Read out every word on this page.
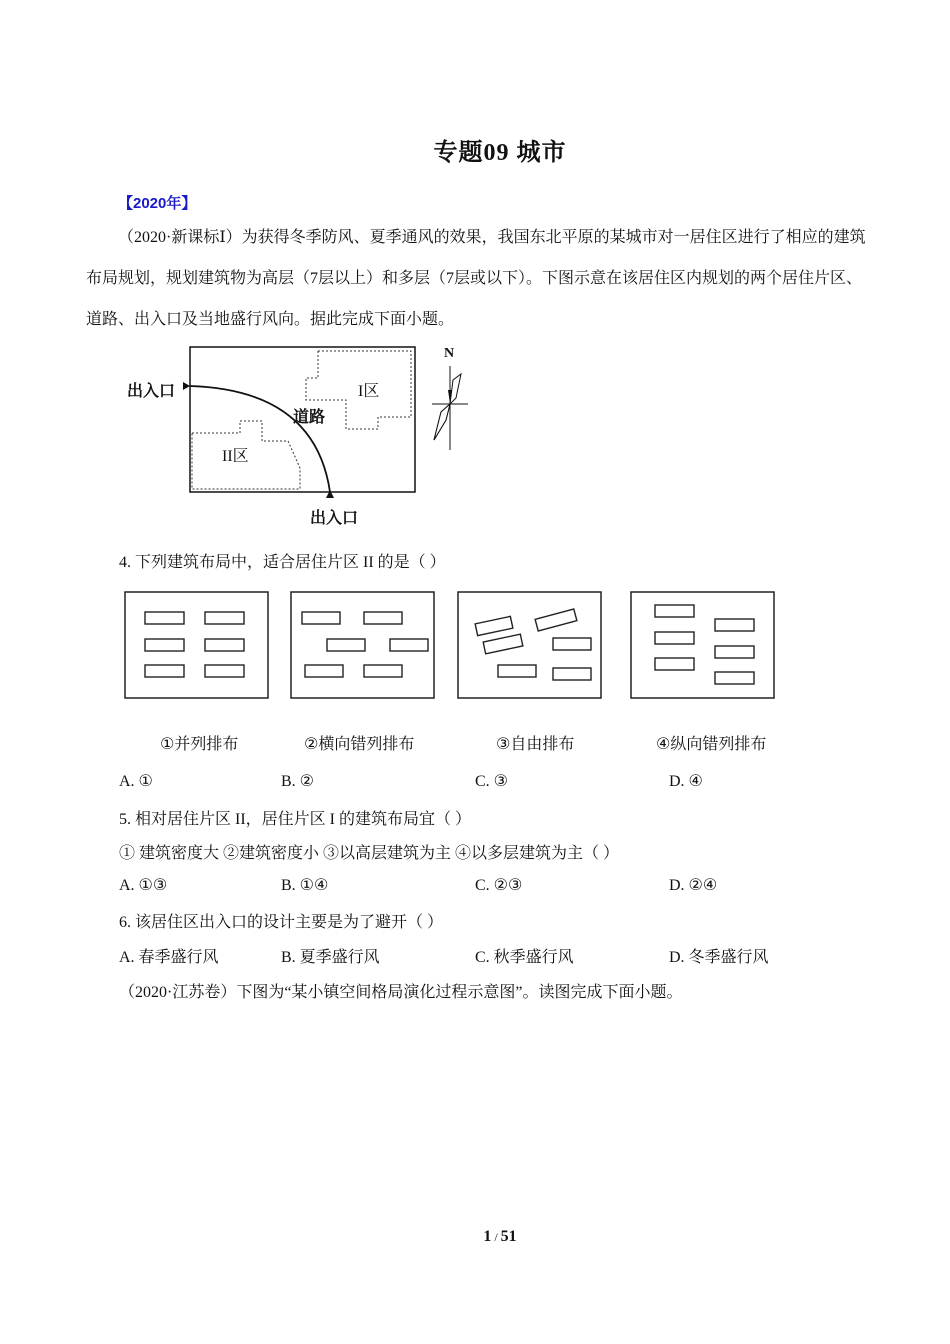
专题09 城市
【2020年】
（2020·新课标Ⅰ）为获得冬季防风、夏季通风的效果，我国东北平原的某城市对一居住区进行了相应的建筑布局规划，规划建筑物为高层（7层以上）和多层（7层或以下）。下图示意在该居住区内规划的两个居住片区、道路、出入口及当地盛行风向。据此完成下面小题。
出入口
出入口
I区
II区
道路
N
4. 下列建筑布局中，适合居住片区 II 的是（ ）
①并列排布	②横向错列排布	③自由排布	④纵向错列排布
A. ①	B. ②	C. ③	D. ④
5. 相对居住片区 II，居住片区 I 的建筑布局宜（ ）
① 建筑密度大 ②建筑密度小 ③以高层建筑为主 ④以多层建筑为主（ ）
A. ①③	B. ①④	C. ②③	D. ②④
6. 该居住区出入口的设计主要是为了避开（ ）
A. 春季盛行风	B. 夏季盛行风	C. 秋季盛行风	D. 冬季盛行风
（2020·江苏卷）下图为“某小镇空间格局演化过程示意图”。读图完成下面小题。
1 / 51
